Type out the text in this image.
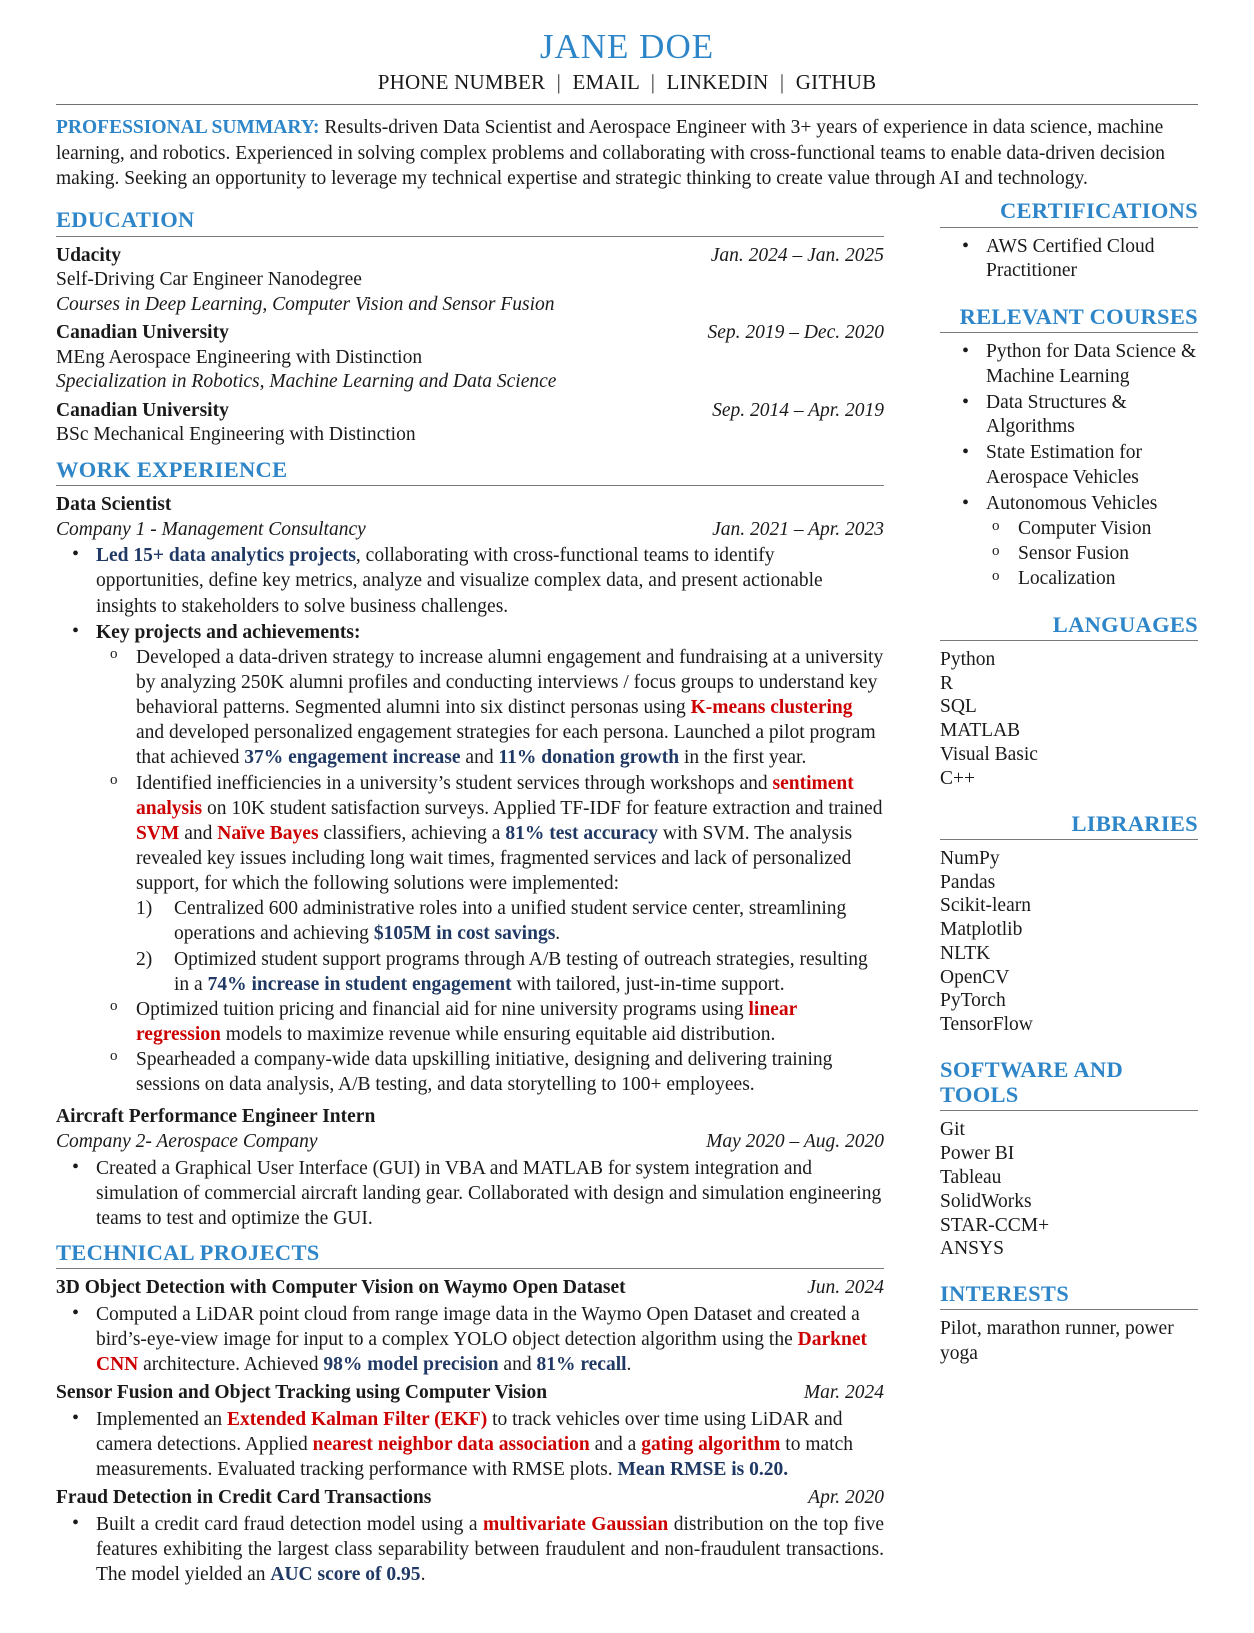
JANE DOE
PHONE NUMBER | EMAIL | LINKEDIN | GITHUB
PROFESSIONAL SUMMARY: Results-driven Data Scientist and Aerospace Engineer with 3+ years of experience in data science, machine learning, and robotics. Experienced in solving complex problems and collaborating with cross-functional teams to enable data-driven decision making. Seeking an opportunity to leverage my technical expertise and strategic thinking to create value through AI and technology.
EDUCATION
Udacity	Jan. 2024 – Jan. 2025
Self-Driving Car Engineer Nanodegree
Courses in Deep Learning, Computer Vision and Sensor Fusion
Canadian University	Sep. 2019 – Dec. 2020
MEng Aerospace Engineering with Distinction
Specialization in Robotics, Machine Learning and Data Science
Canadian University	Sep. 2014 – Apr. 2019
BSc Mechanical Engineering with Distinction
WORK EXPERIENCE
Data Scientist
Company 1 - Management Consultancy	Jan. 2021 – Apr. 2023
• Led 15+ data analytics projects, collaborating with cross-functional teams to identify opportunities, define key metrics, analyze and visualize complex data, and present actionable insights to stakeholders to solve business challenges.
• Key projects and achievements:
o Developed a data-driven strategy to increase alumni engagement and fundraising at a university by analyzing 250K alumni profiles and conducting interviews / focus groups to understand key behavioral patterns. Segmented alumni into six distinct personas using K-means clustering and developed personalized engagement strategies for each persona. Launched a pilot program that achieved 37% engagement increase and 11% donation growth in the first year.
o Identified inefficiencies in a university’s student services through workshops and sentiment analysis on 10K student satisfaction surveys. Applied TF-IDF for feature extraction and trained SVM and Naïve Bayes classifiers, achieving a 81% test accuracy with SVM. The analysis revealed key issues including long wait times, fragmented services and lack of personalized support, for which the following solutions were implemented:
Centralized 600 administrative roles into a unified student service center, streamlining operations and achieving $105M in cost savings.
Optimized student support programs through A/B testing of outreach strategies, resulting in a 74% increase in student engagement with tailored, just-in-time support.
o Optimized tuition pricing and financial aid for nine university programs using linear regression models to maximize revenue while ensuring equitable aid distribution.
o Spearheaded a company-wide data upskilling initiative, designing and delivering training sessions on data analysis, A/B testing, and data storytelling to 100+ employees.
Aircraft Performance Engineer Intern
Company 2- Aerospace Company	May 2020 – Aug. 2020
• Created a Graphical User Interface (GUI) in VBA and MATLAB for system integration and simulation of commercial aircraft landing gear. Collaborated with design and simulation engineering teams to test and optimize the GUI.
TECHNICAL PROJECTS
3D Object Detection with Computer Vision on Waymo Open Dataset	Jun. 2024
• Computed a LiDAR point cloud from range image data in the Waymo Open Dataset and created a bird’s-eye-view image for input to a complex YOLO object detection algorithm using the Darknet CNN architecture. Achieved 98% model precision and 81% recall.
Sensor Fusion and Object Tracking using Computer Vision	Mar. 2024
• Implemented an Extended Kalman Filter (EKF) to track vehicles over time using LiDAR and camera detections. Applied nearest neighbor data association and a gating algorithm to match measurements. Evaluated tracking performance with RMSE plots. Mean RMSE is 0.20.
Fraud Detection in Credit Card Transactions	Apr. 2020
• Built a credit card fraud detection model using a multivariate Gaussian distribution on the top five features exhibiting the largest class separability between fraudulent and non-fraudulent transactions. The model yielded an AUC score of 0.95.
CERTIFICATIONS
• AWS Certified Cloud Practitioner
RELEVANT COURSES
• Python for Data Science & Machine Learning
• Data Structures & Algorithms
• State Estimation for Aerospace Vehicles
• Autonomous Vehicles
o Computer Vision
o Sensor Fusion
o Localization
LANGUAGES
Python
R
SQL
MATLAB
Visual Basic
C++
LIBRARIES
NumPy
Pandas
Scikit-learn
Matplotlib
NLTK
OpenCV
PyTorch
TensorFlow
SOFTWARE AND TOOLS
Git
Power BI
Tableau
SolidWorks
STAR-CCM+
ANSYS
INTERESTS
Pilot, marathon runner, power yoga
